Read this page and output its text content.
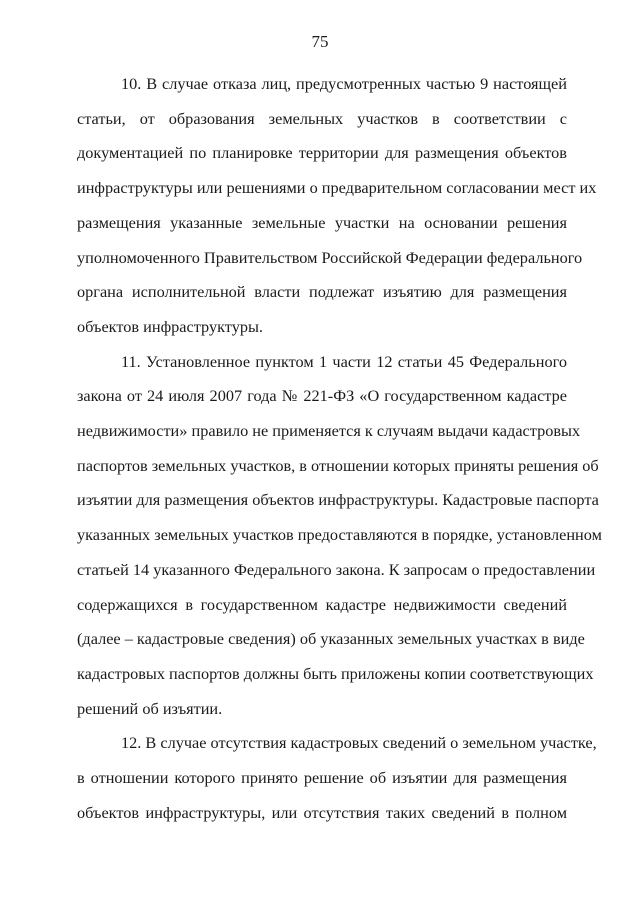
75
10. В случае отказа лиц, предусмотренных частью 9 настоящей
статьи, от образования земельных участков в соответствии с
документацией по планировке территории для размещения объектов
инфраструктуры или решениями о предварительном согласовании мест их
размещения указанные земельные участки на основании решения
уполномоченного Правительством Российской Федерации федерального
органа исполнительной власти подлежат изъятию для размещения
объектов инфраструктуры.
11. Установленное пунктом 1 части 12 статьи 45 Федерального
закона от 24 июля 2007 года № 221-ФЗ «О государственном кадастре
недвижимости» правило не применяется к случаям выдачи кадастровых
паспортов земельных участков, в отношении которых приняты решения об
изъятии для размещения объектов инфраструктуры. Кадастровые паспорта
указанных земельных участков предоставляются в порядке, установленном
статьей 14 указанного Федерального закона. К запросам о предоставлении
содержащихся в государственном кадастре недвижимости сведений
(далее – кадастровые сведения) об указанных земельных участках в виде
кадастровых паспортов должны быть приложены копии соответствующих
решений об изъятии.
12. В случае отсутствия кадастровых сведений о земельном участке,
в отношении которого принято решение об изъятии для размещения
объектов инфраструктуры, или отсутствия таких сведений в полном
